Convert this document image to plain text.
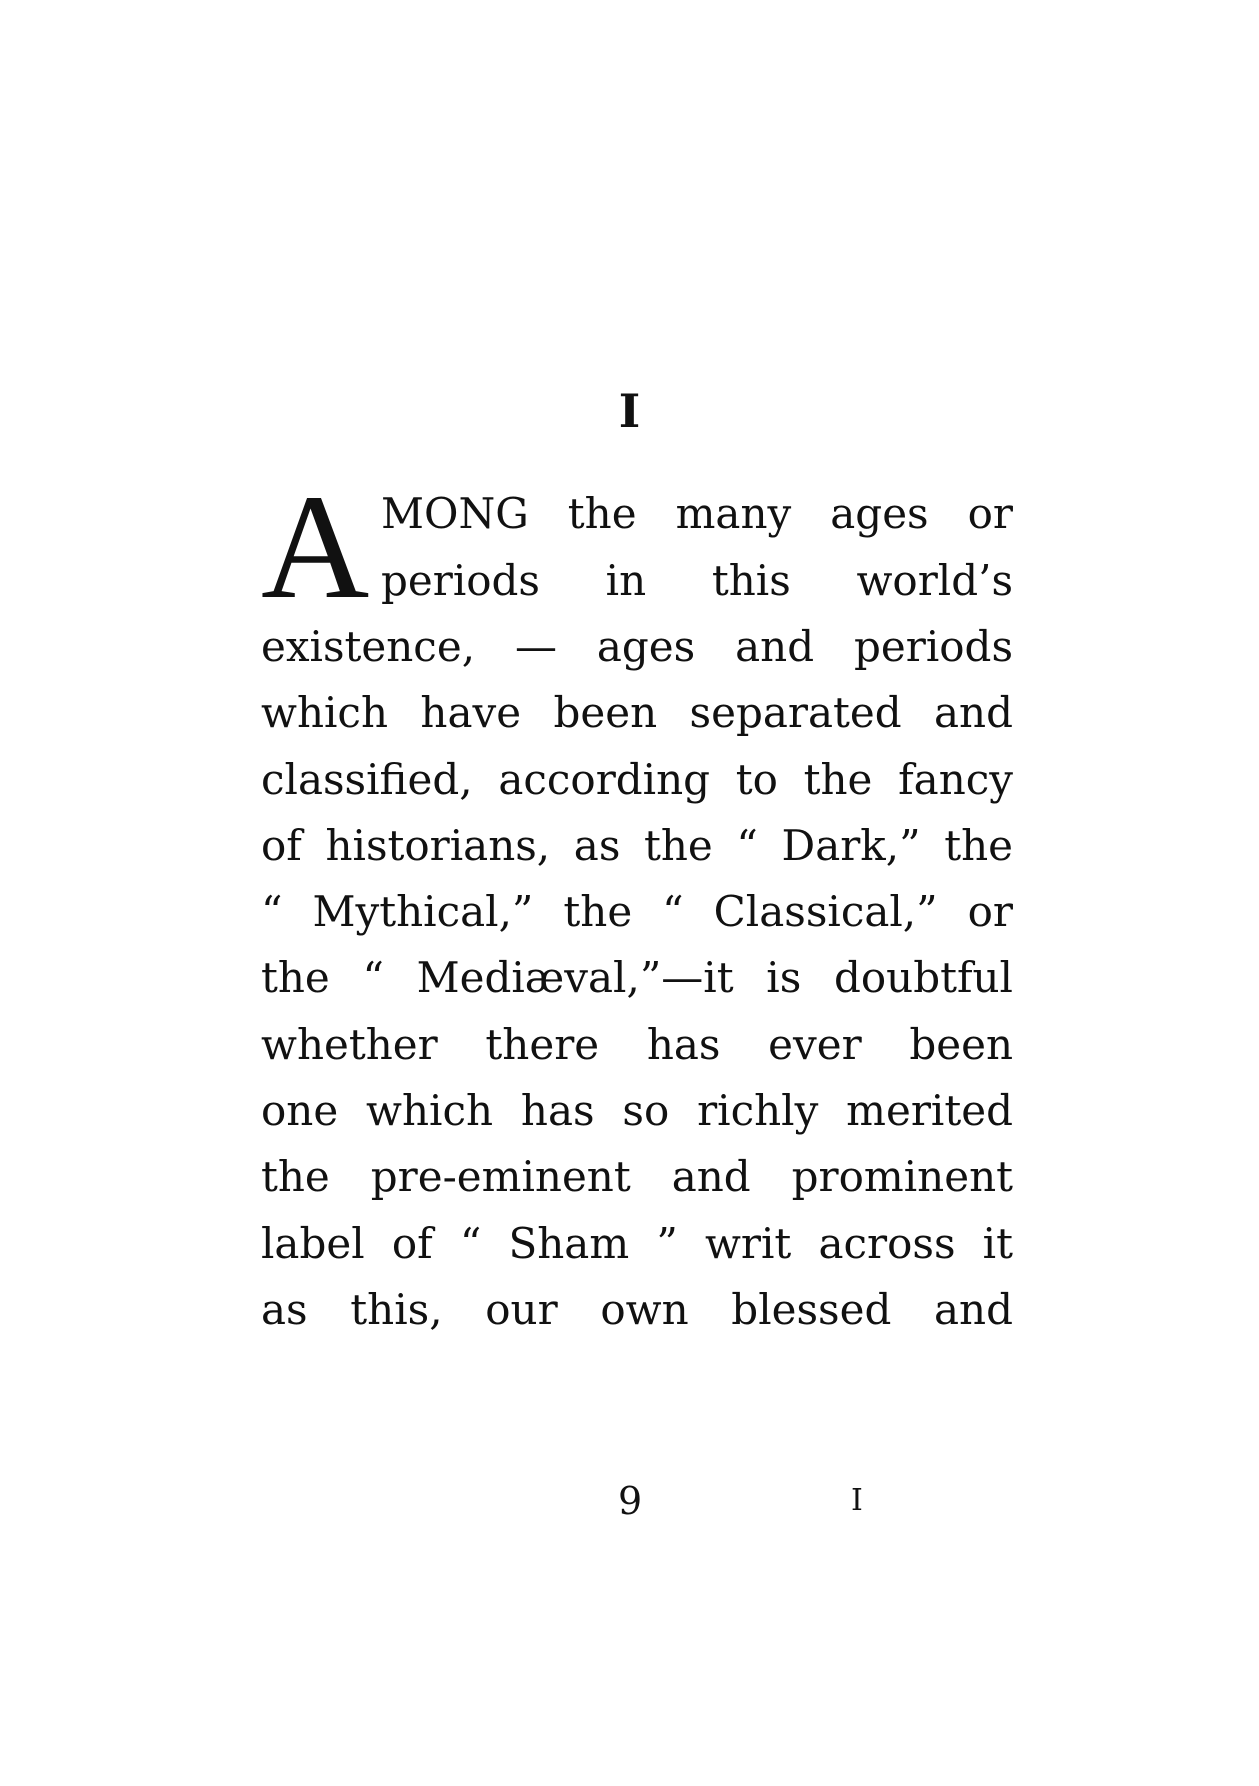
I
A MONG the many ages or
periods in this world’s
existence, — ages and periods
which have been separated and
classified, according to the fancy
of historians, as the “ Dark,” the
“ Mythical,” the “ Classical,” or
the “ Mediæval,”—it is doubtful
whether there has ever been
one which has so richly merited
the pre-eminent and prominent
label of “ Sham ” writ across it
as this, our own blessed and
9	I
